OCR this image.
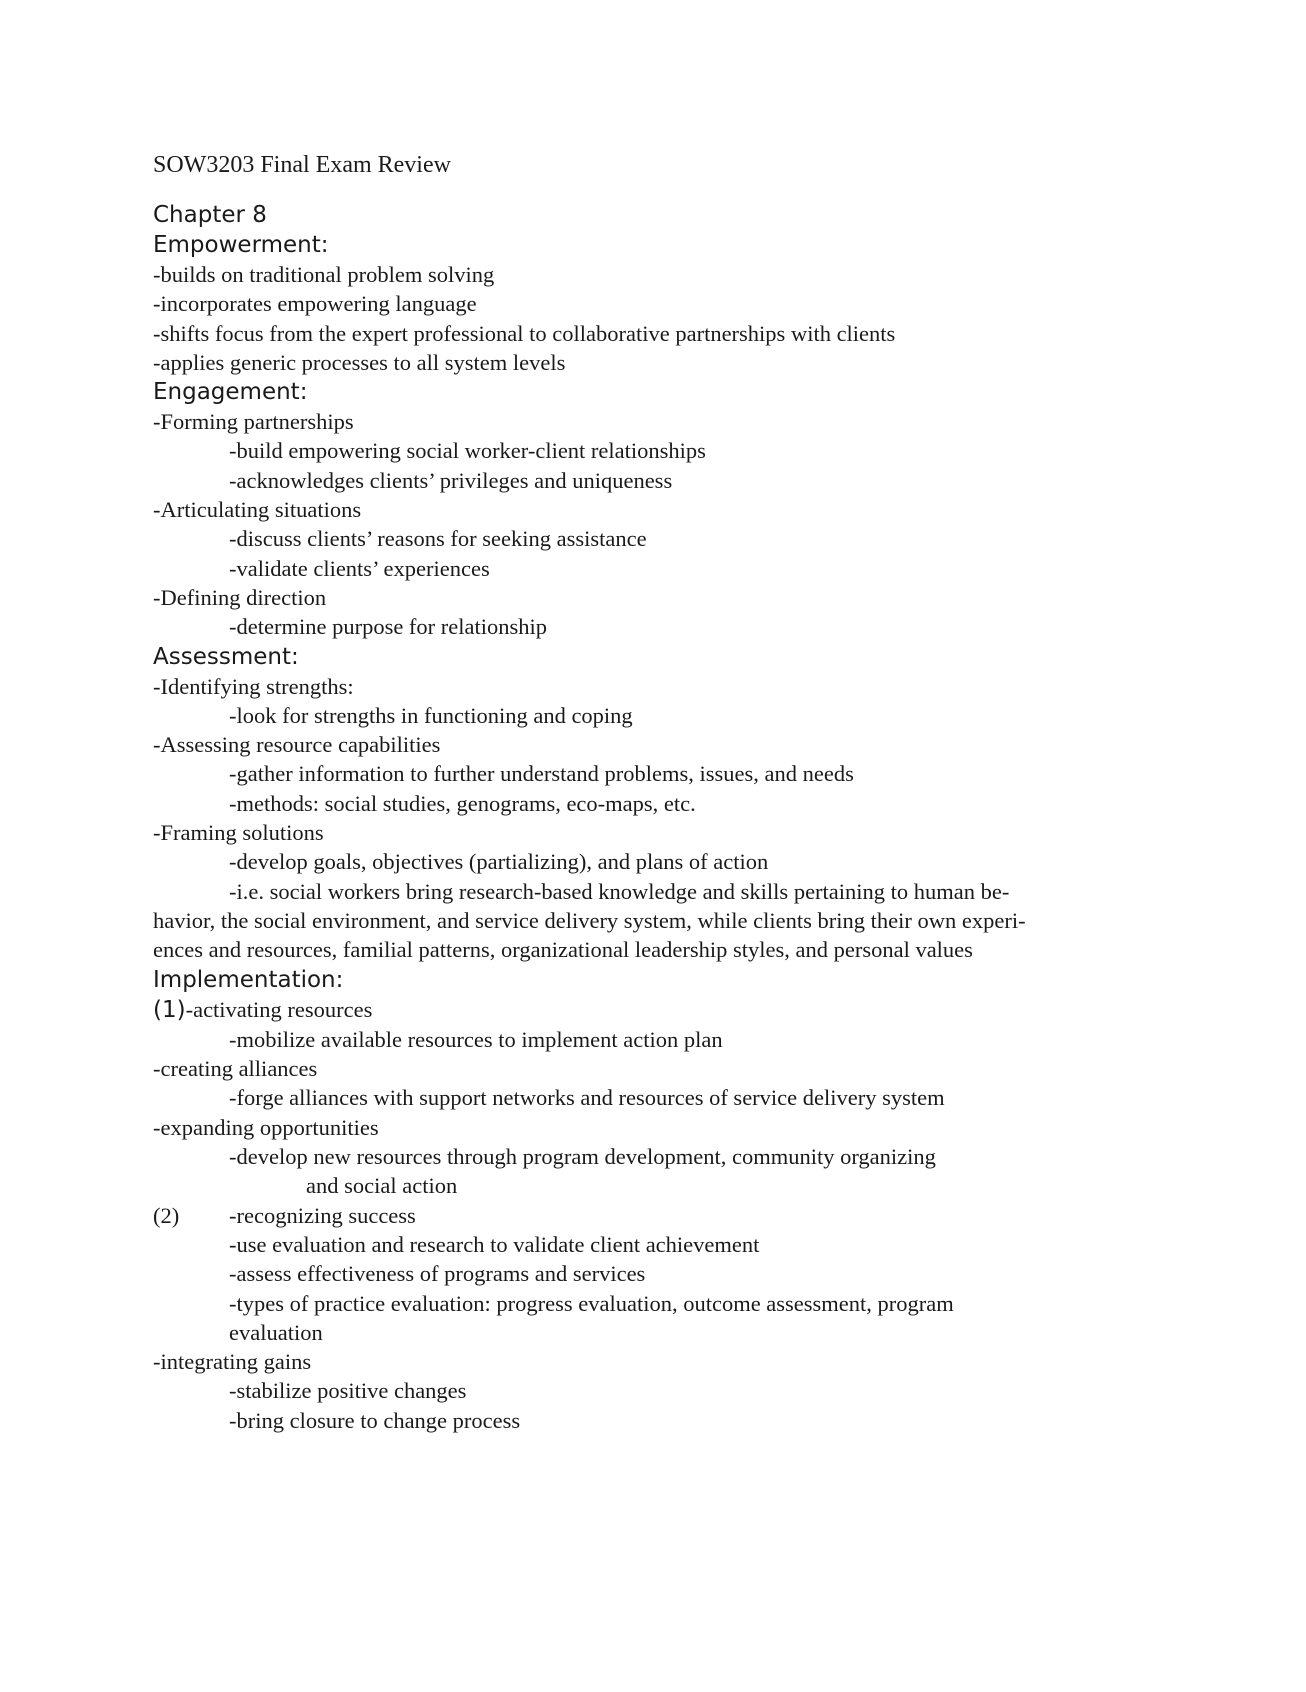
SOW3203 Final Exam Review

Chapter 8

Empowerment:

-builds on traditional problem solving

-incorporates empowering language

-shifts focus from the expert professional to collaborative partnerships with clients

-applies generic processes to all system levels

Engagement:

-Forming partnerships

-build empowering social worker-client relationships

-acknowledges clients’ privileges and uniqueness

-Articulating situations

-discuss clients’ reasons for seeking assistance

-validate clients’ experiences

-Defining direction

-determine purpose for relationship

Assessment:

-Identifying strengths:

-look for strengths in functioning and coping

-Assessing resource capabilities

-gather information to further understand problems, issues, and needs

-methods: social studies, genograms, eco-maps, etc.

-Framing solutions

-develop goals, objectives (partializing), and plans of action

-i.e. social workers bring research-based knowledge and skills pertaining to human be-

havior, the social environment, and service delivery system, while clients bring their own experi-

ences and resources, familial patterns, organizational leadership styles, and personal values

Implementation:

(1)-activating resources

-mobilize available resources to implement action plan

-creating alliances

-forge alliances with support networks and resources of service delivery system

-expanding opportunities

-develop new resources through program development, community organizing

and social action

(2) -recognizing success

-use evaluation and research to validate client achievement

-assess effectiveness of programs and services

-types of practice evaluation: progress evaluation, outcome assessment, program

evaluation

-integrating gains

-stabilize positive changes

-bring closure to change process
